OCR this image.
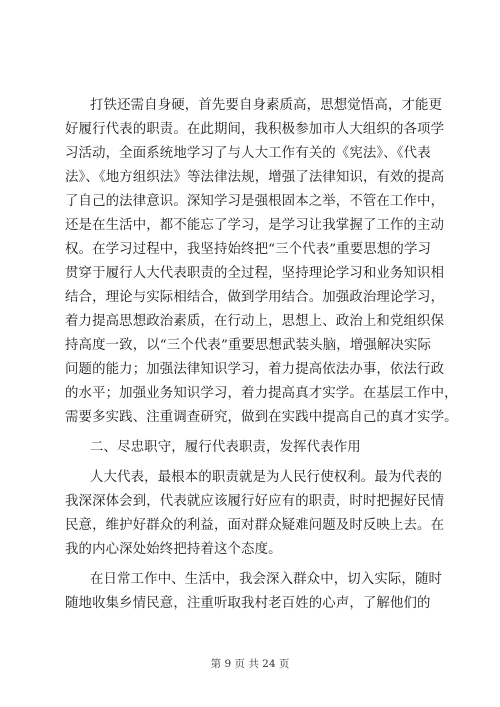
打铁还需自身硬，首先要自身素质高，思想觉悟高，才能更
好履行代表的职责。在此期间，我积极参加市人大组织的各项学
习活动，全面系统地学习了与人大工作有关的《宪法》、《代表
法》、《地方组织法》等法律法规，增强了法律知识，有效的提高
了自己的法律意识。深知学习是强根固本之举，不管在工作中，
还是在生活中，都不能忘了学习，是学习让我掌握了工作的主动
权。在学习过程中，我坚持始终把“三个代表”重要思想的学习
贯穿于履行人大代表职责的全过程，坚持理论学习和业务知识相
结合，理论与实际相结合，做到学用结合。加强政治理论学习，
着力提高思想政治素质，在行动上，思想上、政治上和党组织保
持高度一致，以“三个代表”重要思想武装头脑，增强解决实际
问题的能力；加强法律知识学习，着力提高依法办事，依法行政
的水平；加强业务知识学习，着力提高真才实学。在基层工作中，
需要多实践、注重调查研究，做到在实践中提高自己的真才实学。
二、尽忠职守，履行代表职责，发挥代表作用
人大代表，最根本的职责就是为人民行使权利。最为代表的
我深深体会到，代表就应该履行好应有的职责，时时把握好民情
民意，维护好群众的利益，面对群众疑难问题及时反映上去。在
我的内心深处始终把持着这个态度。
在日常工作中、生活中，我会深入群众中，切入实际，随时
随地收集乡情民意，注重听取我村老百姓的心声，了解他们的
第 9 页 共 24 页
